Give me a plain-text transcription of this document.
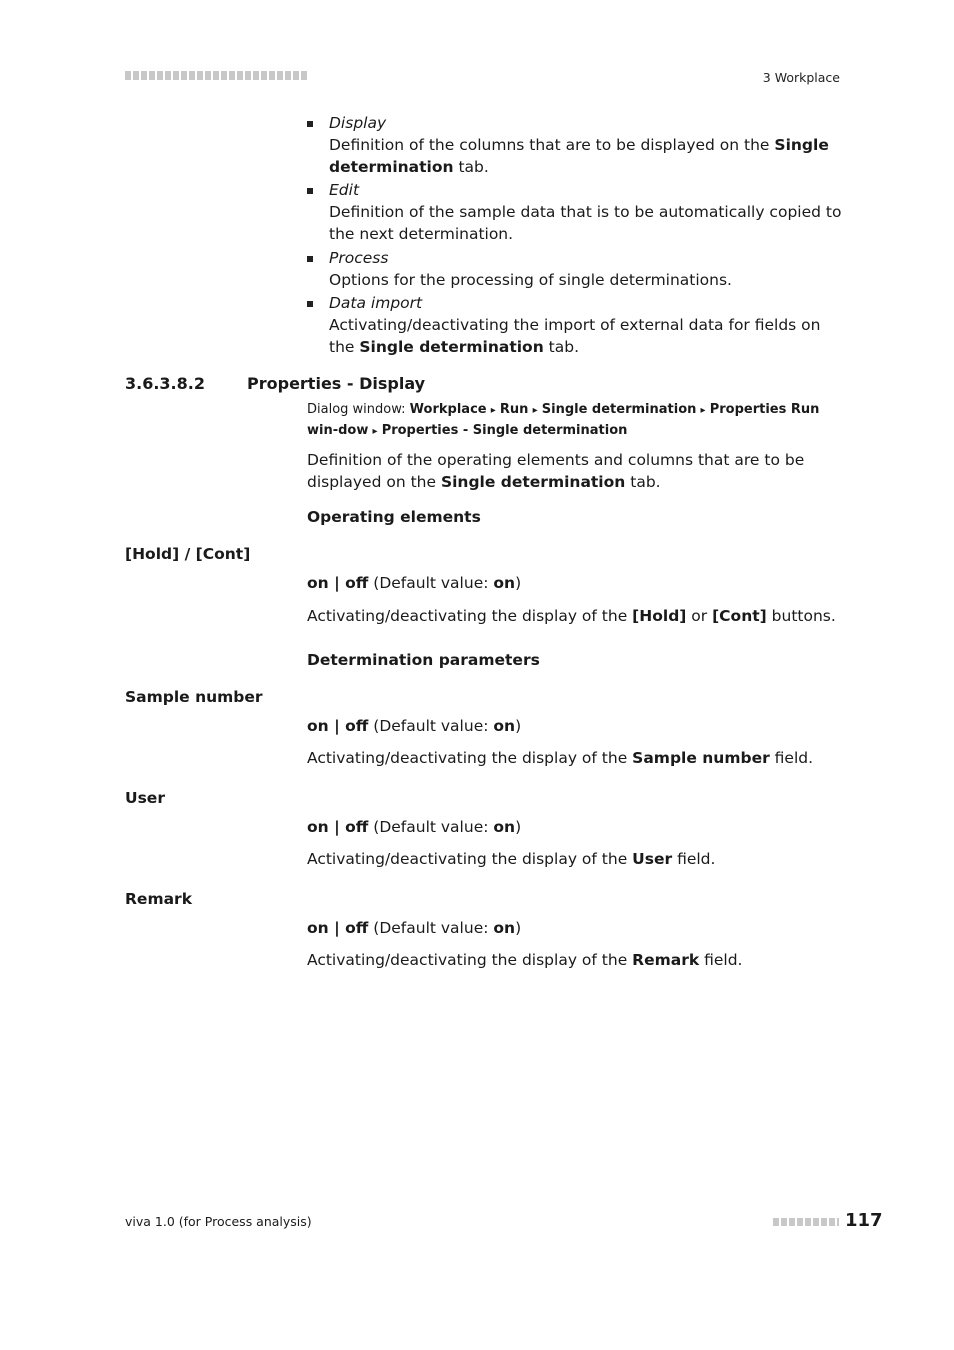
3 Workplace
Display
Definition of the columns that are to be displayed on the Single determination tab.
Edit
Definition of the sample data that is to be automatically copied to the next determination.
Process
Options for the processing of single determinations.
Data import
Activating/deactivating the import of external data for fields on the Single determination tab.
3.6.3.8.2	Properties - Display
Dialog window: Workplace ▸ Run ▸ Single determination ▸ Properties Run win-dow ▸ Properties - Single determination
Definition of the operating elements and columns that are to be displayed on the Single determination tab.
Operating elements
[Hold] / [Cont]
on | off (Default value: on)
Activating/deactivating the display of the [Hold] or [Cont] buttons.
Determination parameters
Sample number
on | off (Default value: on)
Activating/deactivating the display of the Sample number field.
User
on | off (Default value: on)
Activating/deactivating the display of the User field.
Remark
on | off (Default value: on)
Activating/deactivating the display of the Remark field.
viva 1.0 (for Process analysis)	117
